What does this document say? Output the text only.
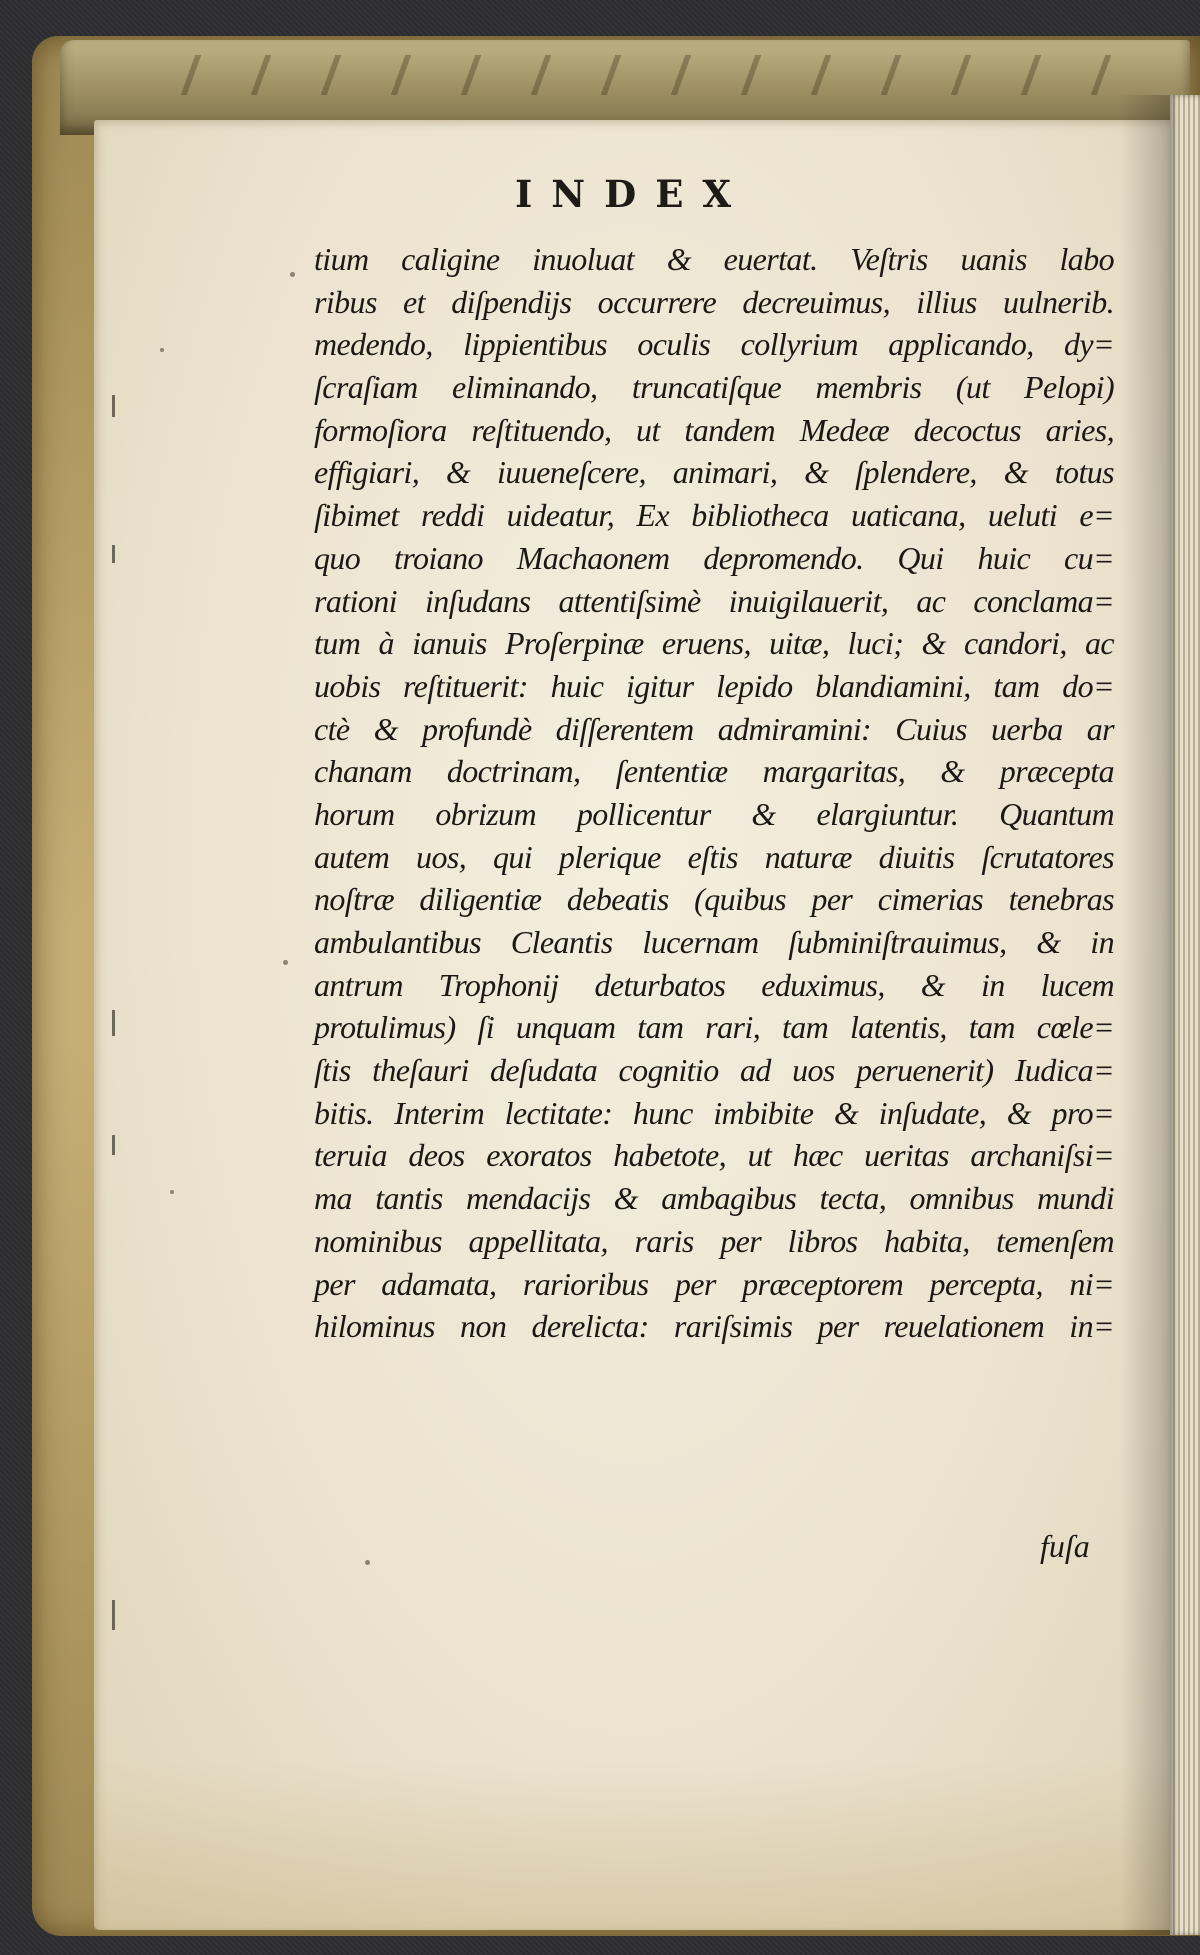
INDEX
tium caligine inuoluat & euertat. Veſtris uanis labo
ribus et diſpendijs occurrere decreuimus, illius uulnerib.
medendo, lippientibus oculis collyrium applicando, dy=
ſcraſiam eliminando, truncatiſque membris (ut Pelopi)
formoſiora reſtituendo, ut tandem Medeæ decoctus aries,
effigiari, & iuueneſcere, animari, & ſplendere, & totus
ſibimet reddi uideatur, Ex bibliotheca uaticana, ueluti e=
quo troiano Machaonem depromendo. Qui huic cu=
rationi inſudans attentiſsimè inuigilauerit, ac conclama=
tum à ianuis Proſerpinæ eruens, uitæ, luci; & candori, ac
uobis reſtituerit: huic igitur lepido blandiamini, tam do=
ctè & profundè diſſerentem admiramini: Cuius uerba ar
chanam doctrinam, ſententiæ margaritas, & præcepta
horum obrizum pollicentur & elargiuntur. Quantum
autem uos, qui plerique eſtis naturæ diuitis ſcrutatores
noſtræ diligentiæ debeatis (quibus per cimerias tenebras
ambulantibus Cleantis lucernam ſubminiſtrauimus, & in
antrum Trophonij deturbatos eduximus, & in lucem
protulimus) ſi unquam tam rari, tam latentis, tam cœle=
ſtis theſauri deſudata cognitio ad uos peruenerit) Iudica=
bitis. Interim lectitate: hunc imbibite & inſudate, & pro=
teruia deos exoratos habetote, ut hæc ueritas archaniſsi=
ma tantis mendacijs & ambagibus tecta, omnibus mundi
nominibus appellitata, raris per libros habita, temenſem
per adamata, rarioribus per præceptorem percepta, ni=
hilominus non derelicta: rariſsimis per reuelationem in=
fuſa
